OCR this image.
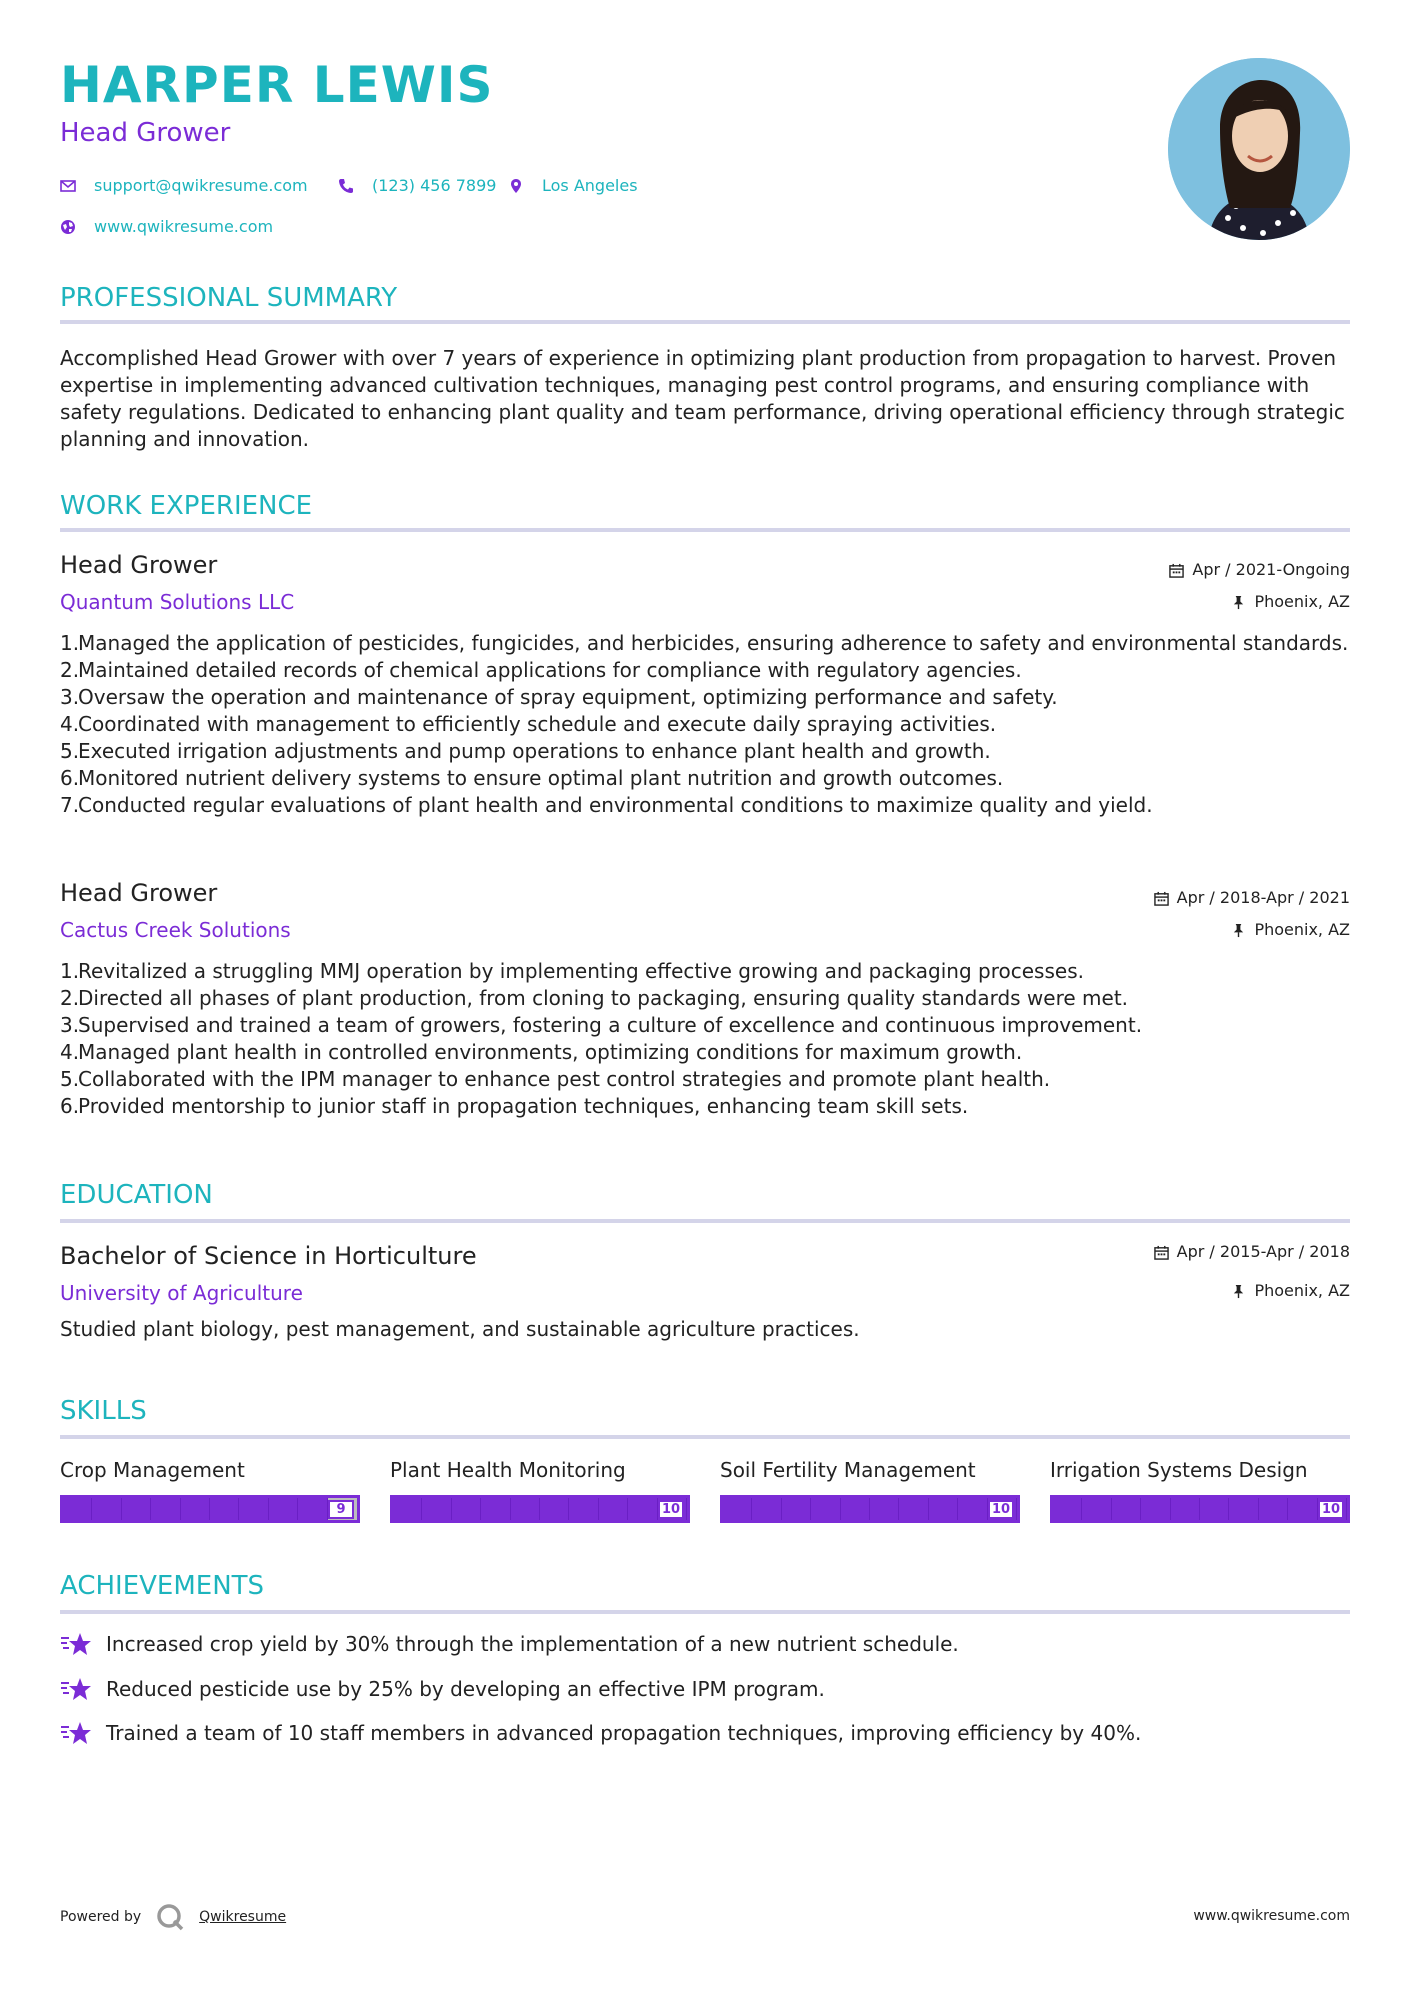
HARPER LEWIS
Head Grower
support@qwikresume.com	(123) 456 7899	Los Angeles
www.qwikresume.com
PROFESSIONAL SUMMARY
Accomplished Head Grower with over 7 years of experience in optimizing plant production from propagation to harvest. Proven expertise in implementing advanced cultivation techniques, managing pest control programs, and ensuring compliance with safety regulations. Dedicated to enhancing plant quality and team performance, driving operational efficiency through strategic planning and innovation.
WORK EXPERIENCE
Head Grower	Apr / 2021-Ongoing
Quantum Solutions LLC	Phoenix, AZ
1.
Managed the application of pesticides, fungicides, and herbicides, ensuring adherence to safety and environmental standards.
2.
Maintained detailed records of chemical applications for compliance with regulatory agencies.
3.
Oversaw the operation and maintenance of spray equipment, optimizing performance and safety.
4.
Coordinated with management to efficiently schedule and execute daily spraying activities.
5.
Executed irrigation adjustments and pump operations to enhance plant health and growth.
6.
Monitored nutrient delivery systems to ensure optimal plant nutrition and growth outcomes.
7.
Conducted regular evaluations of plant health and environmental conditions to maximize quality and yield.
Head Grower	Apr / 2018-Apr / 2021
Cactus Creek Solutions	Phoenix, AZ
1.
Revitalized a struggling MMJ operation by implementing effective growing and packaging processes.
2.
Directed all phases of plant production, from cloning to packaging, ensuring quality standards were met.
3.
Supervised and trained a team of growers, fostering a culture of excellence and continuous improvement.
4.
Managed plant health in controlled environments, optimizing conditions for maximum growth.
5.
Collaborated with the IPM manager to enhance pest control strategies and promote plant health.
6.
Provided mentorship to junior staff in propagation techniques, enhancing team skill sets.
EDUCATION
Bachelor of Science in Horticulture	Apr / 2015-Apr / 2018
University of Agriculture	Phoenix, AZ
Studied plant biology, pest management, and sustainable agriculture practices.
SKILLS
Crop Management
9
Plant Health Monitoring
10
Soil Fertility Management
10
Irrigation Systems Design
10
ACHIEVEMENTS
Increased crop yield by 30% through the implementation of a new nutrient schedule.
Reduced pesticide use by 25% by developing an effective IPM program.
Trained a team of 10 staff members in advanced propagation techniques, improving efficiency by 40%.
Powered by	Qwikresume	www.qwikresume.com
